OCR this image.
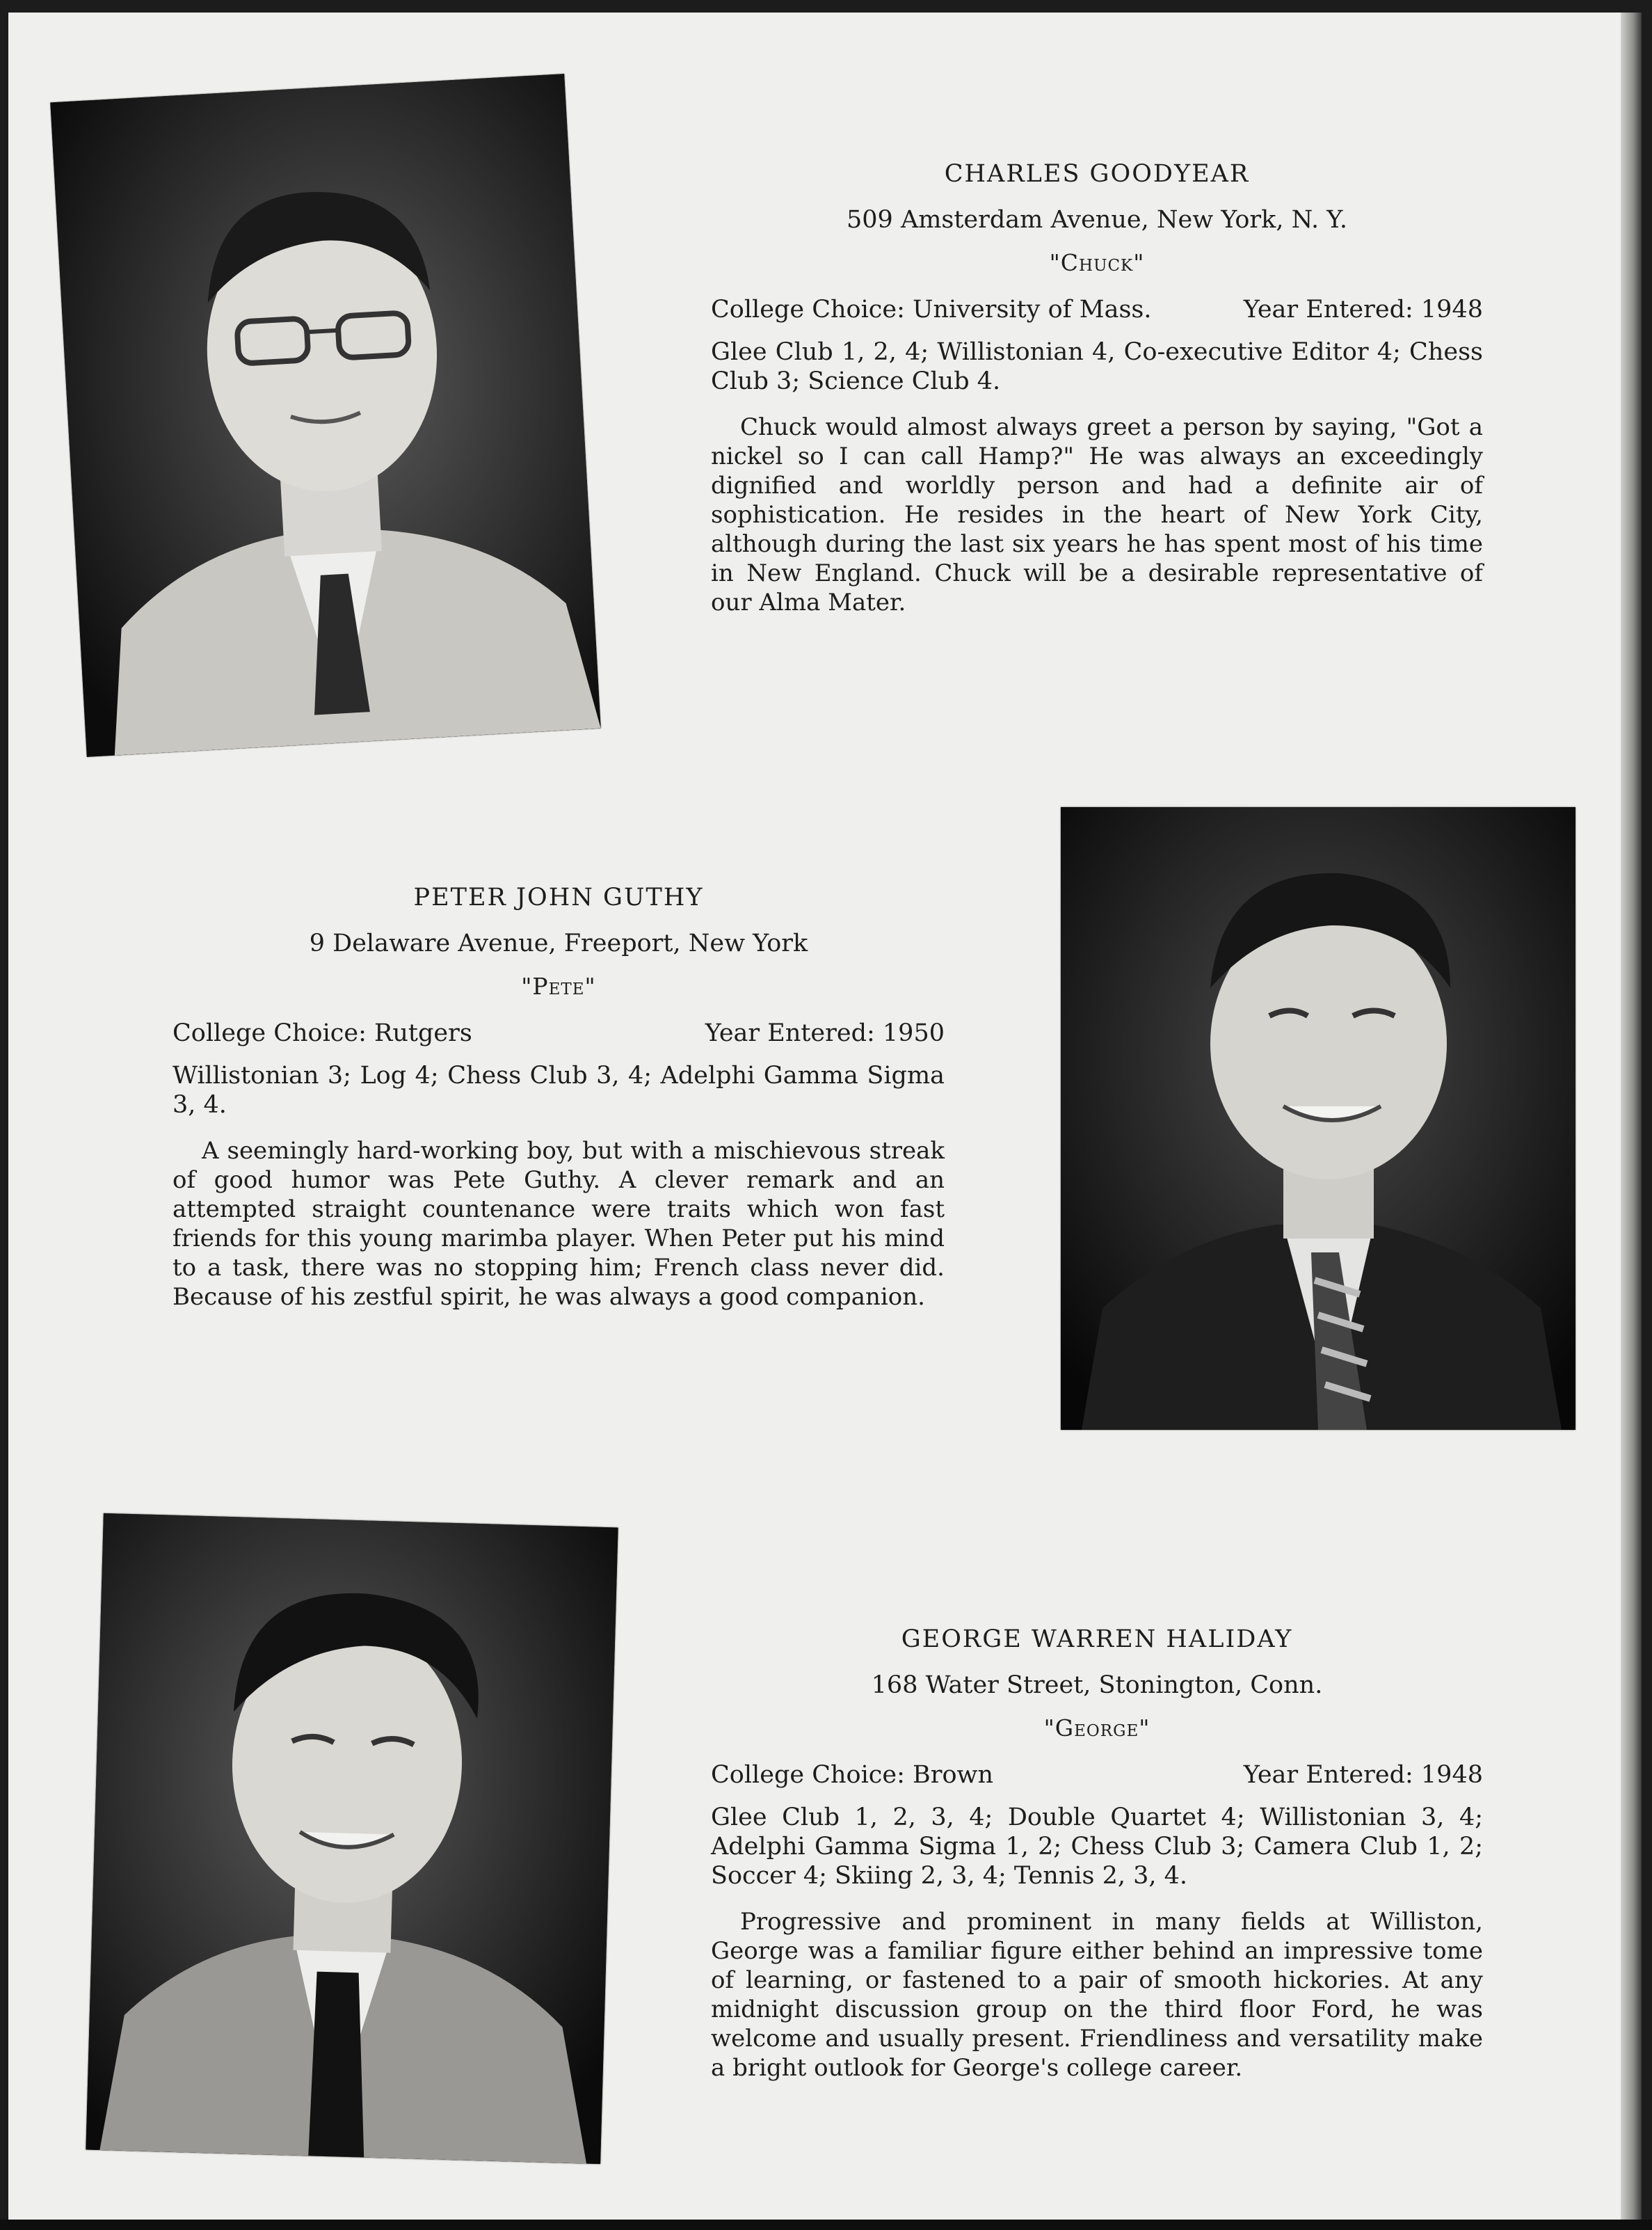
CHARLES GOODYEAR
509 Amsterdam Avenue, New York, N. Y.
"Chuck"
College Choice: University of Mass.	Year Entered: 1948
Glee Club 1, 2, 4; Willistonian 4, Co-executive Editor 4; Chess Club 3; Science Club 4.

Chuck would almost always greet a person by saying, "Got a nickel so I can call Hamp?" He was always an exceedingly dignified and worldly person and had a definite air of sophistication. He resides in the heart of New York City, although during the last six years he has spent most of his time in New England. Chuck will be a desirable representative of our Alma Mater.

PETER JOHN GUTHY
9 Delaware Avenue, Freeport, New York
"Pete"
College Choice: Rutgers	Year Entered: 1950
Willistonian 3; Log 4; Chess Club 3, 4; Adelphi Gamma Sigma 3, 4.

A seemingly hard-working boy, but with a mischievous streak of good humor was Pete Guthy. A clever remark and an attempted straight countenance were traits which won fast friends for this young marimba player. When Peter put his mind to a task, there was no stopping him; French class never did. Because of his zestful spirit, he was always a good companion.

GEORGE WARREN HALIDAY
168 Water Street, Stonington, Conn.
"George"
College Choice: Brown	Year Entered: 1948
Glee Club 1, 2, 3, 4; Double Quartet 4; Willistonian 3, 4; Adelphi Gamma Sigma 1, 2; Chess Club 3; Camera Club 1, 2; Soccer 4; Skiing 2, 3, 4; Tennis 2, 3, 4.

Progressive and prominent in many fields at Williston, George was a familiar figure either behind an impressive tome of learning, or fastened to a pair of smooth hickories. At any midnight discussion group on the third floor Ford, he was welcome and usually present. Friendliness and versatility make a bright outlook for George's college career.
